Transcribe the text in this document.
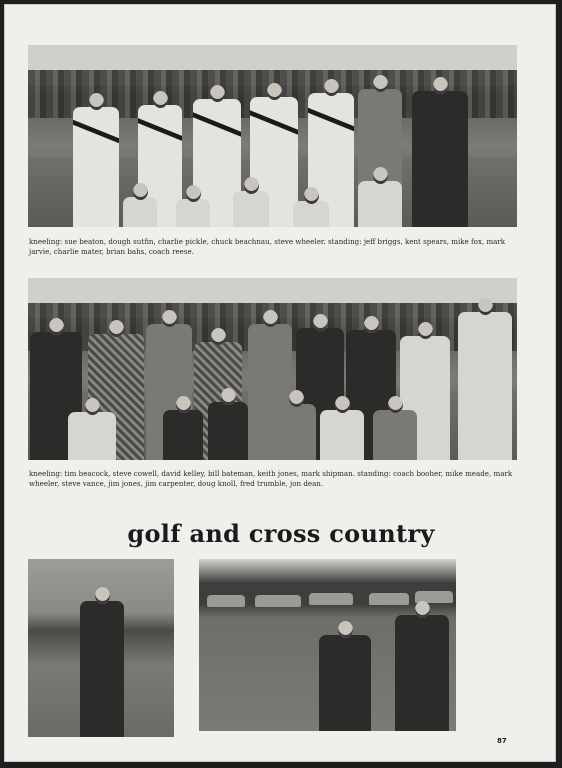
kneeling: sue beaton, dough sutfin, charlie pickle, chuck beachnau, steve wheeler. standing: jeff briggs, kent spears, mike fox, mark jarvie, charlie mater, brian bahs, coach reese.

kneeling: tim beacock, steve cowell, david kelley, bill bateman, keith jones, mark shipman. standing: coach booher, mike meade, mark wheeler, steve vance, jim jones, jim carpenter, doug knoll, fred trumble, jon dean.

golf and cross country
87
